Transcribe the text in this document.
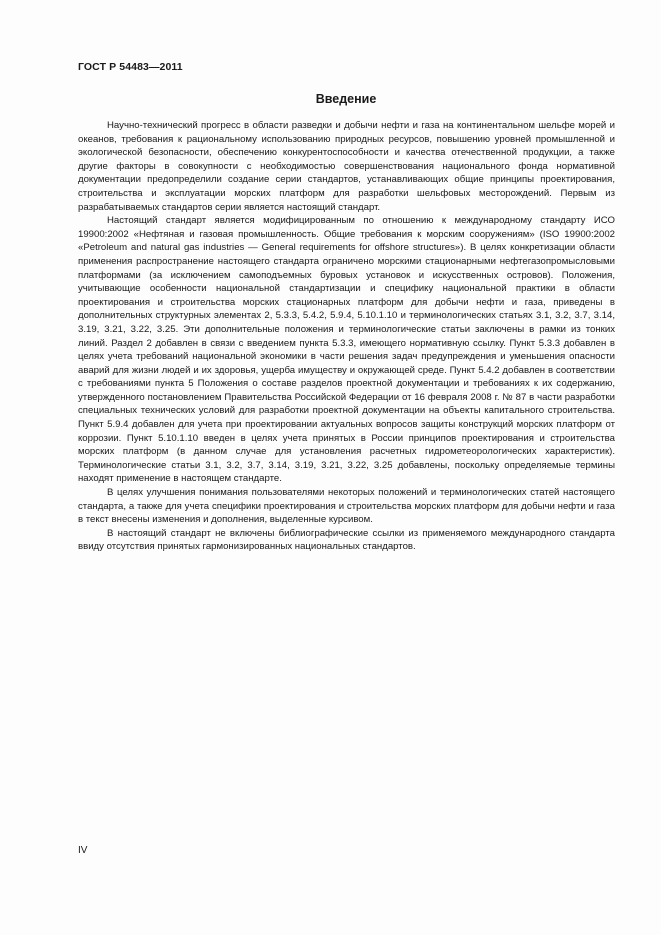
ГОСТ Р 54483—2011
Введение

Научно-технический прогресс в области разведки и добычи нефти и газа на континентальном шельфе морей и океанов, требования к рациональному использованию природных ресурсов, повышению уровней промышленной и экологической безопасности, обеспечению конкурентоспособности и качества отечественной продукции, а также другие факторы в совокупности с необходимостью совершенствования национального фонда нормативной документации предопределили создание серии стандартов, устанавливающих общие принципы проектирования, строительства и эксплуатации морских платформ для разработки шельфовых месторождений. Первым из разрабатываемых стандартов серии является настоящий стандарт.

Настоящий стандарт является модифицированным по отношению к международному стандарту ИСО 19900:2002 «Нефтяная и газовая промышленность. Общие требования к морским сооружениям» (ISO 19900:2002 «Petroleum and natural gas industries — General requirements for offshore structures»). В целях конкретизации области применения распространение настоящего стандарта ограничено морскими стационарными нефтегазопромысловыми платформами (за исключением самоподъемных буровых установок и искусственных островов). Положения, учитывающие особенности национальной стандартизации и специфику национальной практики в области проектирования и строительства морских стационарных платформ для добычи нефти и газа, приведены в дополнительных структурных элементах 2, 5.3.3, 5.4.2, 5.9.4, 5.10.1.10 и терминологических статьях 3.1, 3.2, 3.7, 3.14, 3.19, 3.21, 3.22, 3.25. Эти дополнительные положения и терминологические статьи заключены в рамки из тонких линий. Раздел 2 добавлен в связи с введением пункта 5.3.3, имеющего нормативную ссылку. Пункт 5.3.3 добавлен в целях учета требований национальной экономики в части решения задач предупреждения и уменьшения опасности аварий для жизни людей и их здоровья, ущерба имуществу и окружающей среде. Пункт 5.4.2 добавлен в соответствии с требованиями пункта 5 Положения о составе разделов проектной документации и требованиях к их содержанию, утвержденного постановлением Правительства Российской Федерации от 16 февраля 2008 г. № 87 в части разработки специальных технических условий для разработки проектной документации на объекты капитального строительства. Пункт 5.9.4 добавлен для учета при проектировании актуальных вопросов защиты конструкций морских платформ от коррозии. Пункт 5.10.1.10 введен в целях учета принятых в России принципов проектирования и строительства морских платформ (в данном случае для установления расчетных гидрометеорологических характеристик). Терминологические статьи 3.1, 3.2, 3.7, 3.14, 3.19, 3.21, 3.22, 3.25 добавлены, поскольку определяемые термины находят применение в настоящем стандарте.

В целях улучшения понимания пользователями некоторых положений и терминологических статей настоящего стандарта, а также для учета специфики проектирования и строительства морских платформ для добычи нефти и газа в текст внесены изменения и дополнения, выделенные курсивом.

В настоящий стандарт не включены библиографические ссылки из применяемого международного стандарта ввиду отсутствия принятых гармонизированных национальных стандартов.

IV
